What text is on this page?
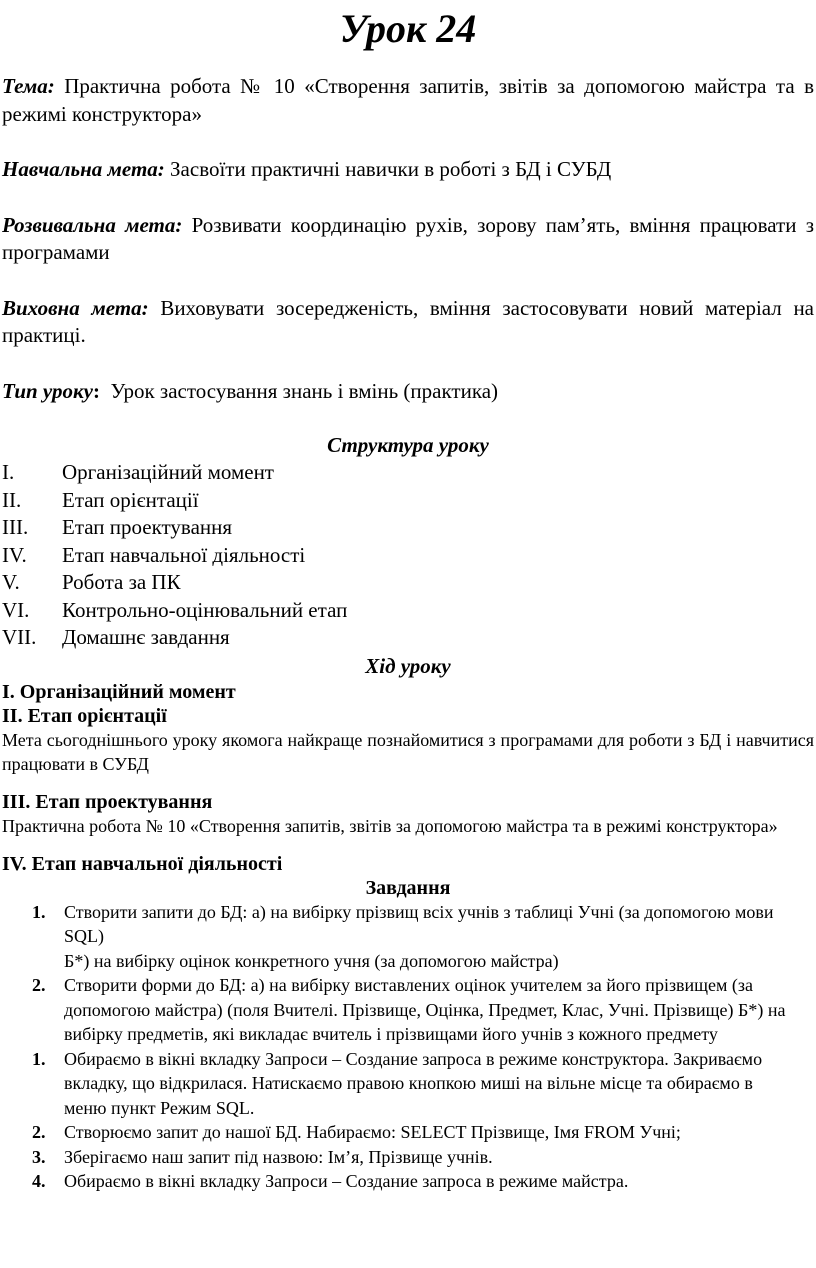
Урок 24

Тема: Практична робота № 10 «Створення запитів, звітів за допомогою майстра та в режимі конструктора»

Навчальна мета: Засвоїти практичні навички в роботі з БД і СУБД

Розвивальна мета: Розвивати координацію рухів, зорову пам’ять, вміння працювати з програмами

Виховна мета: Виховувати зосередженість, вміння застосовувати новий матеріал на практиці.

Тип уроку: Урок застосування знань і вмінь (практика)

Структура уроку
I.	Організаційний момент
II.	Етап орієнтації
III.	Етап проектування
IV.	Етап навчальної діяльності
V.	Робота за ПК
VI.	Контрольно-оцінювальний етап
VII.	Домашнє завдання
Хід уроку
I. Організаційний момент
II. Етап орієнтації

Мета сьогоднішнього уроку якомога найкраще познайомитися з програмами для роботи з БД і навчитися працювати в СУБД

III. Етап проектування

Практична робота № 10 «Створення запитів, звітів за допомогою майстра та в режимі конструктора»

IV. Етап навчальної діяльності
Завдання
1.	Створити запити до БД: а) на вибірку прізвищ всіх учнів з таблиці Учні (за допомогою мови SQL)
Б*) на вибірку оцінок конкретного учня (за допомогою майстра)
2.	Створити форми до БД: а) на вибірку виставлених оцінок учителем за його прізвищем (за допомогою майстра) (поля Вчителі. Прізвище, Оцінка, Предмет, Клас, Учні. Прізвище) Б*) на вибірку предметів, які викладає вчитель і прізвищами його учнів з кожного предмету
1.	Обираємо в вікні вкладку Запроси – Создание запроса в режиме конструктора. Закриваємо вкладку, що відкрилася. Натискаємо правою кнопкою миші на вільне місце та обираємо в меню пункт Режим SQL.
2.	Створюємо запит до нашої БД. Набираємо: SELECT Прізвище, Імя FROM Учні;
3.	Зберігаємо наш запит під назвою: Ім’я, Прізвище учнів.
4.	Обираємо в вікні вкладку Запроси – Создание запроса в режиме майстра.
